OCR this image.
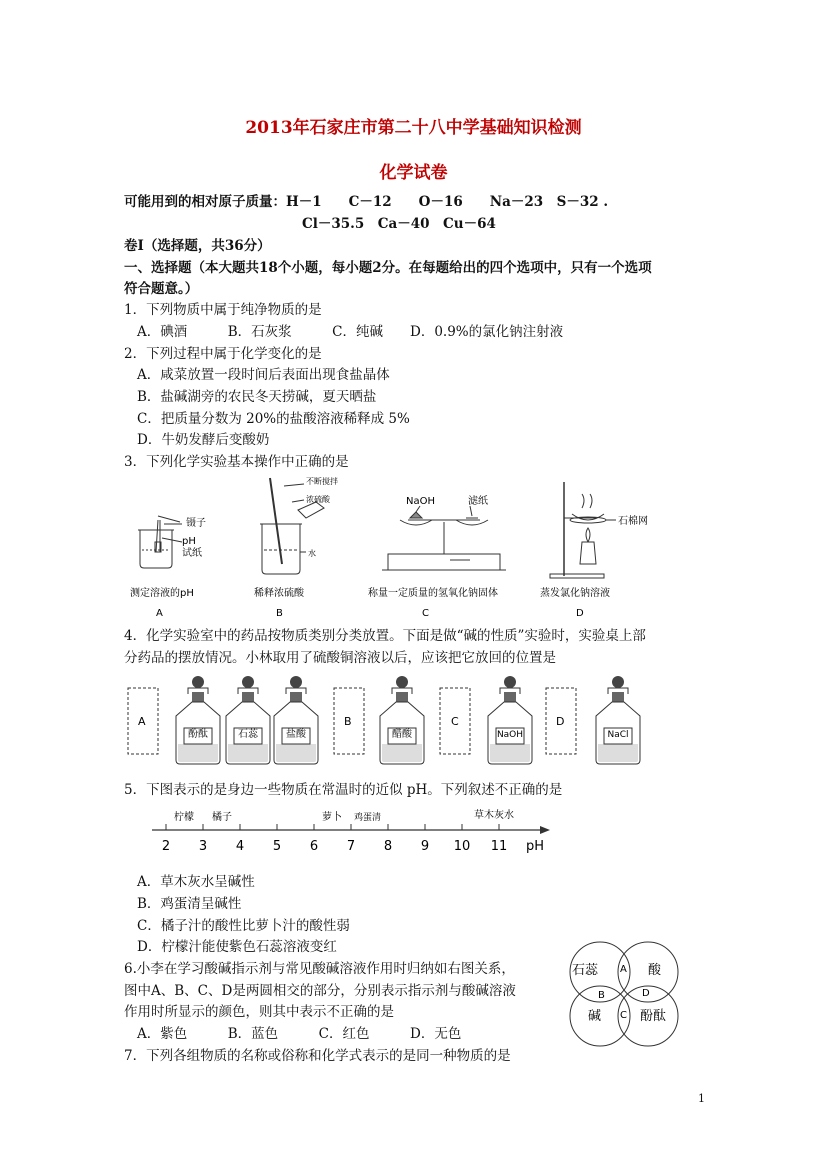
2013年石家庄市第二十八中学基础知识检测
化学试卷
可能用到的相对原子质量：H－1　　C－12　　O－16　　Na－23　S－32 .
Cl－35.5　Ca－40　Cu－64
卷Ⅰ（选择题，共36分）
一、选择题（本大题共18个小题，每小题2分。在每题给出的四个选项中，只有一个选项
符合题意。）
1．下列物质中属于纯净物质的是
A．碘酒　　　B．石灰浆　　　C．纯碱　　D．0.9%的氯化钠注射液
2．下列过程中属于化学变化的是
A．咸菜放置一段时间后表面出现食盐晶体
B．盐碱湖旁的农民冬天捞碱，夏天晒盐
C．把质量分数为 20%的盐酸溶液稀释成 5%
D．牛奶发酵后变酸奶
3．下列化学实验基本操作中正确的是
镊子
pH
试纸
测定溶液的pH
A
不断搅拌
浓硫酸
水
稀释浓硫酸
B
NaOH	滤纸
称量一定质量的氢氧化钠固体
C
石棉网
蒸发氯化钠溶液
D
4．化学实验室中的药品按物质类别分类放置。下面是做“碱的性质”实验时，实验桌上部
分药品的摆放情况。小林取用了硫酸铜溶液以后，应该把它放回的位置是
A
酚酞	石蕊	盐酸
B
醋酸
C
NaOH
D
NaCl
5．下图表示的是身边一些物质在常温时的近似 pH。下列叙述不正确的是
2 3 4 5 6 7 8 9 10 11 pH
柠檬 橘子	萝卜 鸡蛋清	草木灰水
A．草木灰水呈碱性
B．鸡蛋清呈碱性
C．橘子汁的酸性比萝卜汁的酸性弱
D．柠檬汁能使紫色石蕊溶液变红
6.小李在学习酸碱指示剂与常见酸碱溶液作用时归纳如右图关系，
图中A、B、C、D是两圆相交的部分，分别表示指示剂与酸碱溶液
作用时所显示的颜色，则其中表示不正确的是
A．紫色　　　B．蓝色　　　C．红色　　　D．无色
石蕊	酸
碱	酚酞
A
B
C
D
7．下列各组物质的名称或俗称和化学式表示的是同一种物质的是
1
